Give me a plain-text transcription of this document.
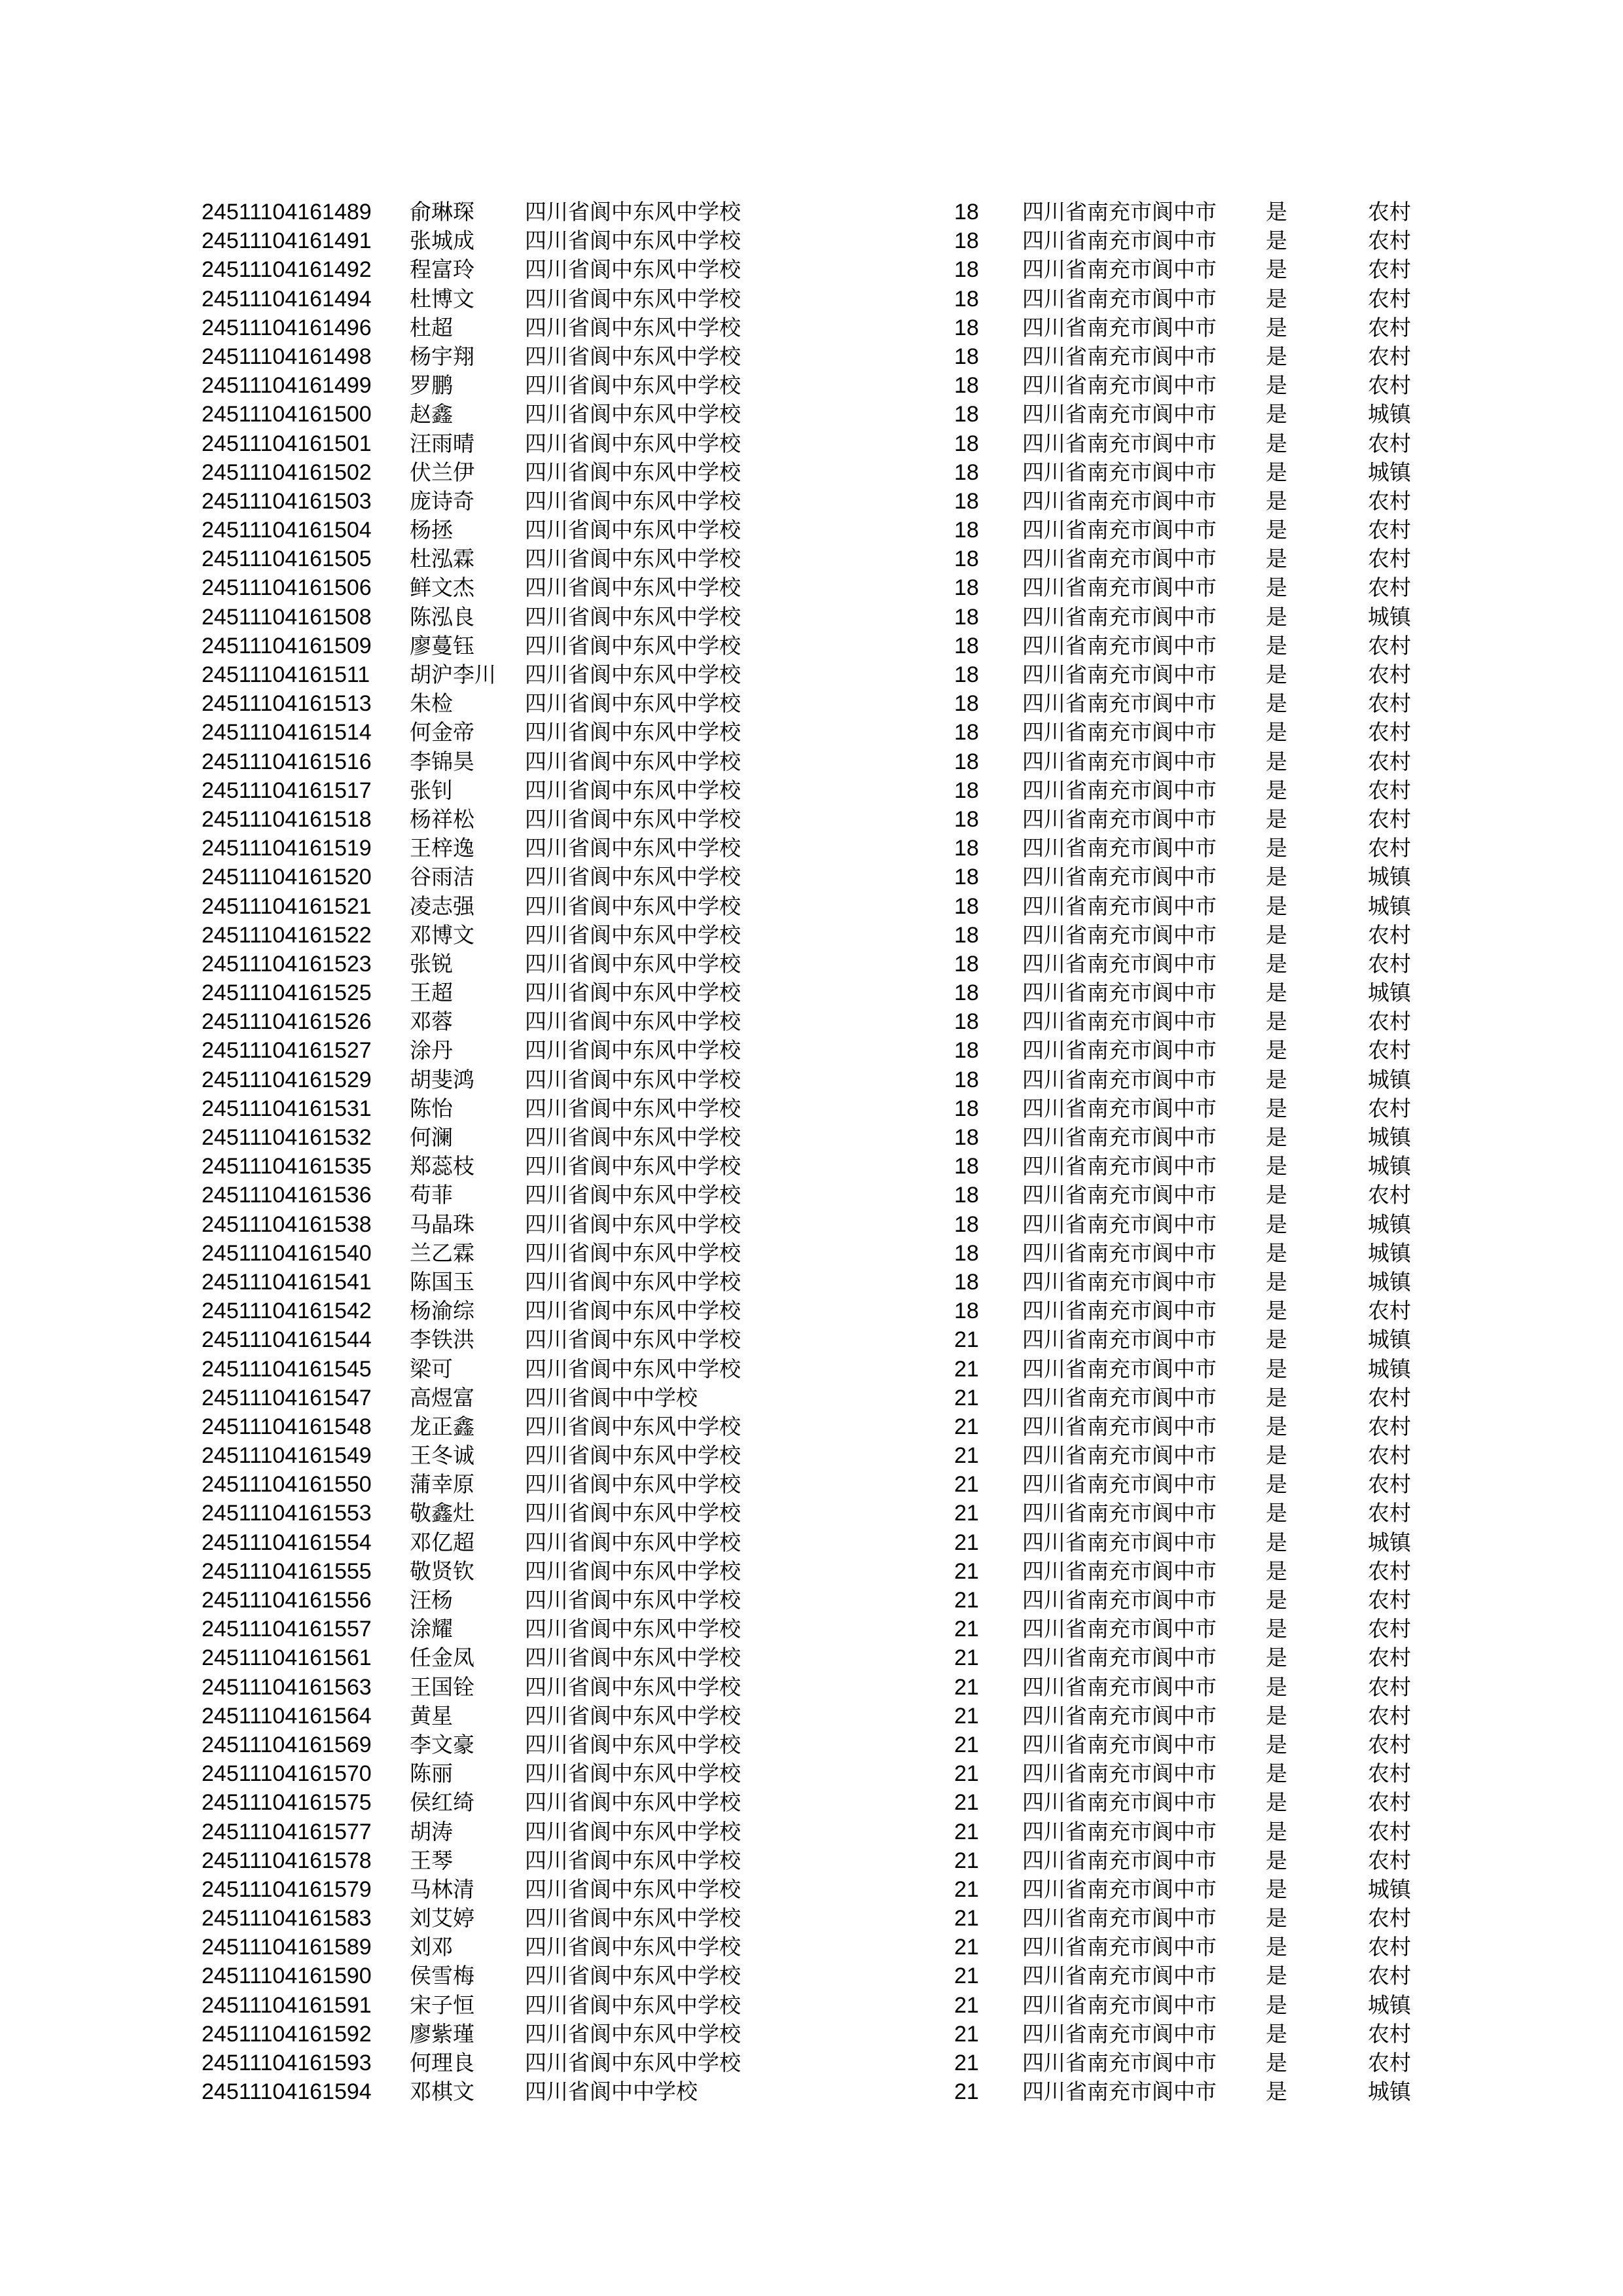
24511104161489 俞琳琛 四川省阆中东风中学校	18 四川省南充市阆中市 是	农村
24511104161491 张城成 四川省阆中东风中学校	18 四川省南充市阆中市 是	农村
24511104161492 程富玲 四川省阆中东风中学校	18 四川省南充市阆中市 是	农村
24511104161494 杜博文 四川省阆中东风中学校	18 四川省南充市阆中市 是	农村
24511104161496 杜超	四川省阆中东风中学校	18 四川省南充市阆中市 是	农村
24511104161498 杨宇翔 四川省阆中东风中学校	18 四川省南充市阆中市 是	农村
24511104161499 罗鹏	四川省阆中东风中学校	18 四川省南充市阆中市 是	农村
24511104161500 赵鑫	四川省阆中东风中学校	18 四川省南充市阆中市 是	城镇
24511104161501 汪雨晴 四川省阆中东风中学校	18 四川省南充市阆中市 是	农村
24511104161502 伏兰伊 四川省阆中东风中学校	18 四川省南充市阆中市 是	城镇
24511104161503 庞诗奇 四川省阆中东风中学校	18 四川省南充市阆中市 是	农村
24511104161504 杨拯	四川省阆中东风中学校	18 四川省南充市阆中市 是	农村
24511104161505 杜泓霖 四川省阆中东风中学校	18 四川省南充市阆中市 是	农村
24511104161506 鲜文杰 四川省阆中东风中学校	18 四川省南充市阆中市 是	农村
24511104161508 陈泓良 四川省阆中东风中学校	18 四川省南充市阆中市 是	城镇
24511104161509 廖蔓钰 四川省阆中东风中学校	18 四川省南充市阆中市 是	农村
24511104161511 胡沪李川 四川省阆中东风中学校	18 四川省南充市阆中市 是	农村
24511104161513 朱检	四川省阆中东风中学校	18 四川省南充市阆中市 是	农村
24511104161514 何金帝 四川省阆中东风中学校	18 四川省南充市阆中市 是	农村
24511104161516 李锦昊 四川省阆中东风中学校	18 四川省南充市阆中市 是	农村
24511104161517 张钊	四川省阆中东风中学校	18 四川省南充市阆中市 是	农村
24511104161518 杨祥松 四川省阆中东风中学校	18 四川省南充市阆中市 是	农村
24511104161519 王梓逸 四川省阆中东风中学校	18 四川省南充市阆中市 是	农村
24511104161520 谷雨洁 四川省阆中东风中学校	18 四川省南充市阆中市 是	城镇
24511104161521 凌志强 四川省阆中东风中学校	18 四川省南充市阆中市 是	城镇
24511104161522 邓博文 四川省阆中东风中学校	18 四川省南充市阆中市 是	农村
24511104161523 张锐	四川省阆中东风中学校	18 四川省南充市阆中市 是	农村
24511104161525 王超	四川省阆中东风中学校	18 四川省南充市阆中市 是	城镇
24511104161526 邓蓉	四川省阆中东风中学校	18 四川省南充市阆中市 是	农村
24511104161527 涂丹	四川省阆中东风中学校	18 四川省南充市阆中市 是	农村
24511104161529 胡斐鸿 四川省阆中东风中学校	18 四川省南充市阆中市 是	城镇
24511104161531 陈怡	四川省阆中东风中学校	18 四川省南充市阆中市 是	农村
24511104161532 何澜	四川省阆中东风中学校	18 四川省南充市阆中市 是	城镇
24511104161535 郑蕊枝 四川省阆中东风中学校	18 四川省南充市阆中市 是	城镇
24511104161536 苟菲	四川省阆中东风中学校	18 四川省南充市阆中市 是	农村
24511104161538 马晶珠 四川省阆中东风中学校	18 四川省南充市阆中市 是	城镇
24511104161540 兰乙霖 四川省阆中东风中学校	18 四川省南充市阆中市 是	城镇
24511104161541 陈国玉 四川省阆中东风中学校	18 四川省南充市阆中市 是	城镇
24511104161542 杨渝综 四川省阆中东风中学校	18 四川省南充市阆中市 是	农村
24511104161544 李铁洪 四川省阆中东风中学校	21 四川省南充市阆中市 是	城镇
24511104161545 梁可	四川省阆中东风中学校	21 四川省南充市阆中市 是	城镇
24511104161547 高煜富 四川省阆中中学校	21 四川省南充市阆中市 是	农村
24511104161548 龙正鑫 四川省阆中东风中学校	21 四川省南充市阆中市 是	农村
24511104161549 王冬诚 四川省阆中东风中学校	21 四川省南充市阆中市 是	农村
24511104161550 蒲幸原 四川省阆中东风中学校	21 四川省南充市阆中市 是	农村
24511104161553 敬鑫灶 四川省阆中东风中学校	21 四川省南充市阆中市 是	农村
24511104161554 邓亿超 四川省阆中东风中学校	21 四川省南充市阆中市 是	城镇
24511104161555 敬贤钦 四川省阆中东风中学校	21 四川省南充市阆中市 是	农村
24511104161556 汪杨	四川省阆中东风中学校	21 四川省南充市阆中市 是	农村
24511104161557 涂耀	四川省阆中东风中学校	21 四川省南充市阆中市 是	农村
24511104161561 任金凤 四川省阆中东风中学校	21 四川省南充市阆中市 是	农村
24511104161563 王国铨 四川省阆中东风中学校	21 四川省南充市阆中市 是	农村
24511104161564 黄星	四川省阆中东风中学校	21 四川省南充市阆中市 是	农村
24511104161569 李文豪 四川省阆中东风中学校	21 四川省南充市阆中市 是	农村
24511104161570 陈丽	四川省阆中东风中学校	21 四川省南充市阆中市 是	农村
24511104161575 侯红绮 四川省阆中东风中学校	21 四川省南充市阆中市 是	农村
24511104161577 胡涛	四川省阆中东风中学校	21 四川省南充市阆中市 是	农村
24511104161578 王琴	四川省阆中东风中学校	21 四川省南充市阆中市 是	农村
24511104161579 马林清 四川省阆中东风中学校	21 四川省南充市阆中市 是	城镇
24511104161583 刘艾婷 四川省阆中东风中学校	21 四川省南充市阆中市 是	农村
24511104161589 刘邓	四川省阆中东风中学校	21 四川省南充市阆中市 是	农村
24511104161590 侯雪梅 四川省阆中东风中学校	21 四川省南充市阆中市 是	农村
24511104161591 宋子恒 四川省阆中东风中学校	21 四川省南充市阆中市 是	城镇
24511104161592 廖紫瑾 四川省阆中东风中学校	21 四川省南充市阆中市 是	农村
24511104161593 何理良 四川省阆中东风中学校	21 四川省南充市阆中市 是	农村
24511104161594 邓棋文 四川省阆中中学校	21 四川省南充市阆中市 是	城镇
